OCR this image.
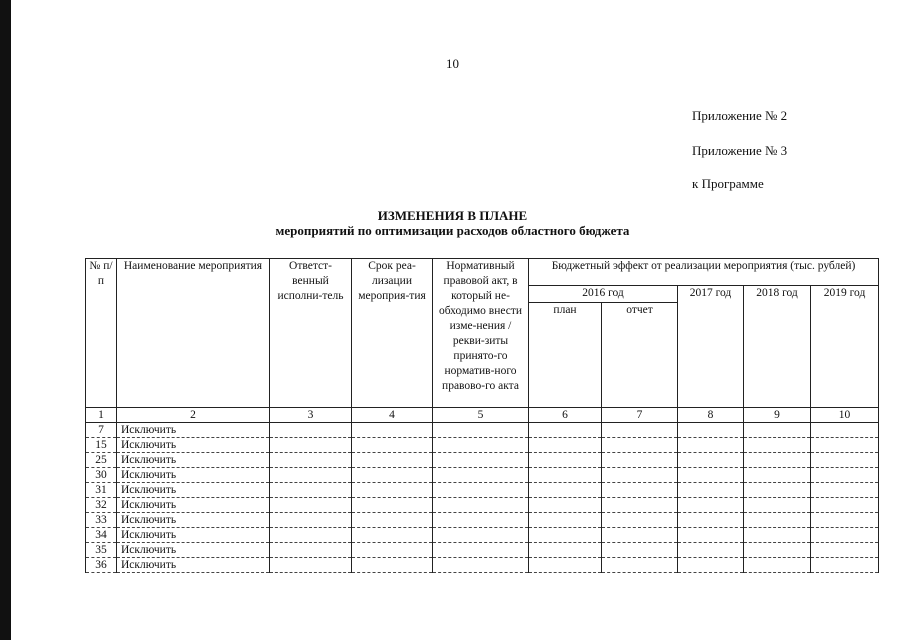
10
Приложение № 2
Приложение № 3
к Программе
ИЗМЕНЕНИЯ В ПЛАНЕ
мероприятий по оптимизации расходов областного бюджета
№ п/п	Наименование мероприятия	Ответст-венный исполни-тель	Срок реа-лизации мероприя-тия	Нормативный правовой акт, в который не-обходимо внести изме-нения / рекви-зиты принято-го норматив-ного правово-го акта	Бюджетный эффект от реализации мероприятия (тыс. рублей)				
					2016 год		2017 год	2018 год	2019 год
					план	отчет			
1	2	3	4	5	6	7	8	9	10
7	Исключить								
15	Исключить								
25	Исключить								
30	Исключить								
31	Исключить								
32	Исключить								
33	Исключить								
34	Исключить								
35	Исключить								
36	Исключить								
